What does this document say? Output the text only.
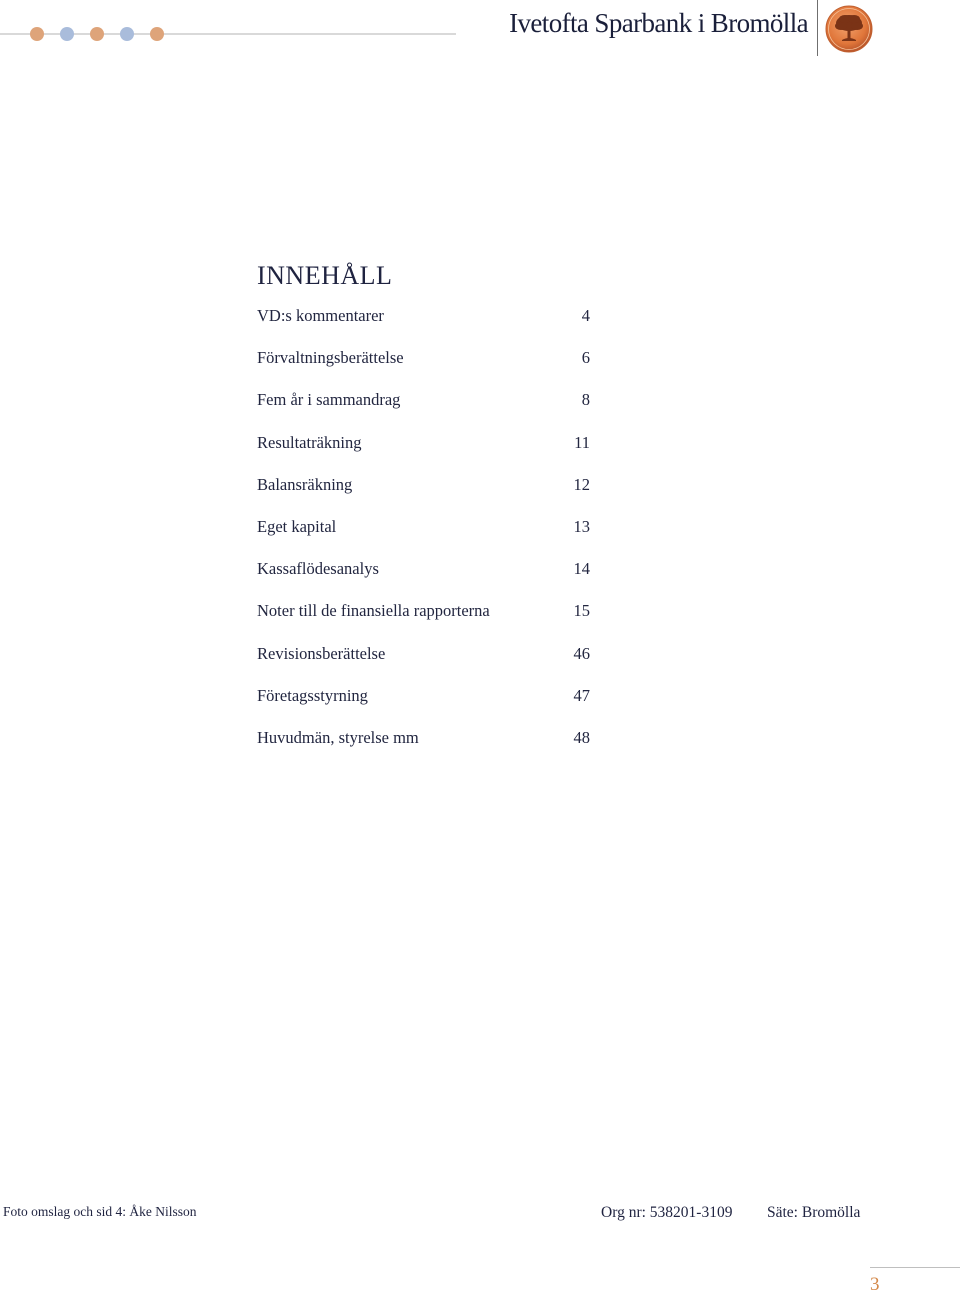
Ivetofta Sparbank i Bromölla
INNEHÅLL
VD:s kommentarer	4
Förvaltningsberättelse	6
Fem år i sammandrag	8
Resultaträkning	11
Balansräkning	12
Eget kapital	13
Kassaflödesanalys	14
Noter till de finansiella rapporterna	15
Revisionsberättelse	46
Företagsstyrning	47
Huvudmän, styrelse mm	48
Foto omslag och sid 4: Åke Nilsson	Org nr: 538201-3109 Säte: Bromölla
3
